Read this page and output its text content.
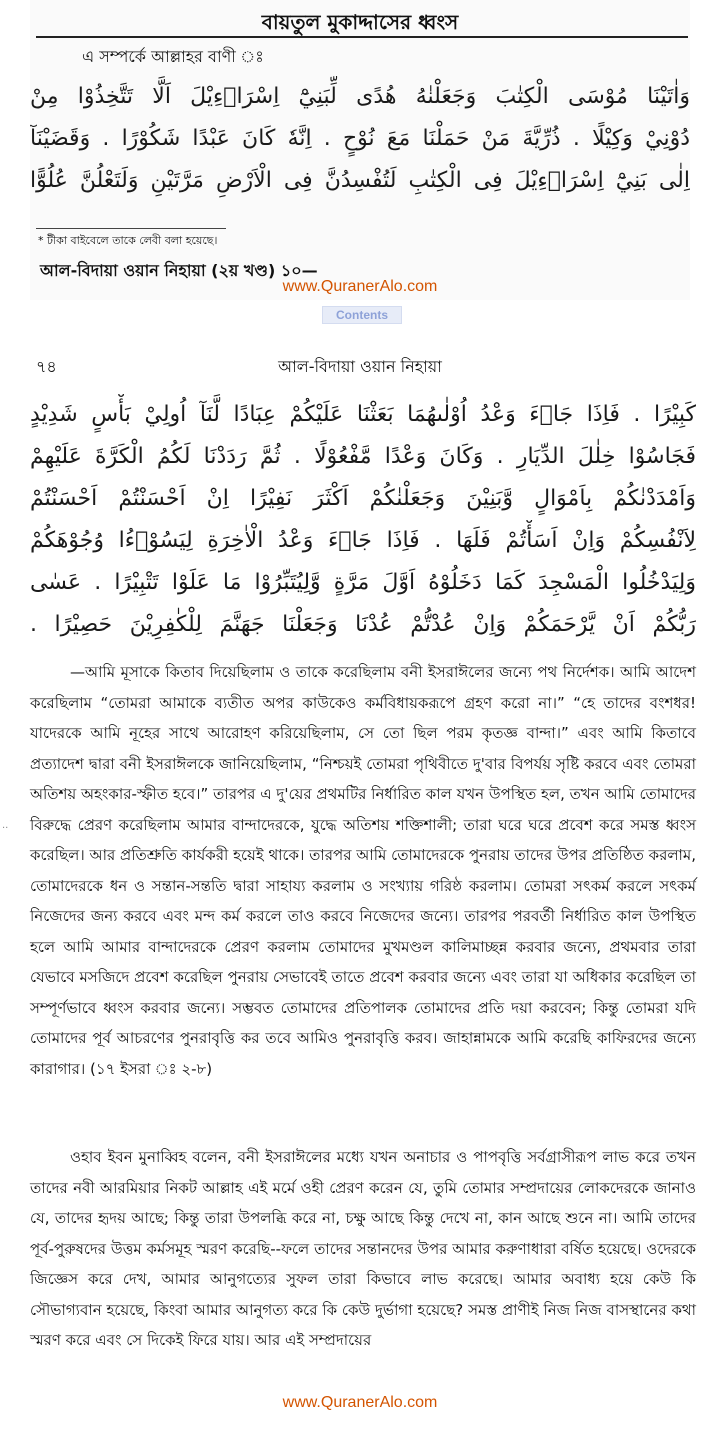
বায়তুল মুকাদ্দাসের ধ্বংস
এ সম্পর্কে আল্লাহর বাণী ঃ
وَاٰتَيْنَا مُوْسَى الْكِتٰبَ وَجَعَلْنٰهُ هُدًى لِّبَنِيْٓ اِسْرَاۤءِيْلَ اَلَّا تَتَّخِذُوْا مِنْ
دُوْنِيْ وَكِيْلًا . ذُرِّيَّةَ مَنْ حَمَلْنَا مَعَ نُوْحٍ . اِنَّهٗ كَانَ عَبْدًا شَكُوْرًا . وَقَضَيْنَآ
اِلٰى بَنِيْٓ اِسْرَاۤءِيْلَ فِى الْكِتٰبِ لَتُفْسِدُنَّ فِى الْاَرْضِ مَرَّتَيْنِ وَلَتَعْلُنَّ عُلُوًّا
* টীকা বাইবেলে তাকে লেবী বলা হয়েছে।
আল-বিদায়া ওয়ান নিহায়া (২য় খণ্ড) ১০—
www.QuranerAlo.com
Contents
৭৪	আল-বিদায়া ওয়ান নিহায়া
كَبِيْرًا . فَاِذَا جَاۤءَ وَعْدُ اُوْلٰىهُمَا بَعَثْنَا عَلَيْكُمْ عِبَادًا لَّنَآ اُولِيْ بَأْسٍ شَدِيْدٍ
فَجَاسُوْا خِلٰلَ الدِّيَارِ . وَكَانَ وَعْدًا مَّفْعُوْلًا . ثُمَّ رَدَدْنَا لَكُمُ الْكَرَّةَ عَلَيْهِمْ
وَاَمْدَدْنٰكُمْ بِاَمْوَالٍ وَّبَنِيْنَ وَجَعَلْنٰكُمْ اَكْثَرَ نَفِيْرًا اِنْ اَحْسَنْتُمْ اَحْسَنْتُمْ
لِاَنْفُسِكُمْ وَاِنْ اَسَأْتُمْ فَلَهَا . فَاِذَا جَاۤءَ وَعْدُ الْاٰخِرَةِ لِيَسُوْۤءُا وُجُوْهَكُمْ
وَلِيَدْخُلُوا الْمَسْجِدَ كَمَا دَخَلُوْهُ اَوَّلَ مَرَّةٍ وَّلِيُتَبِّرُوْا مَا عَلَوْا تَتْبِيْرًا . عَسٰى
رَبُّكُمْ اَنْ يَّرْحَمَكُمْ وَاِنْ عُدْتُّمْ عُدْنَا وَجَعَلْنَا جَهَنَّمَ لِلْكٰفِرِيْنَ حَصِيْرًا .
..
—আমি মূসাকে কিতাব দিয়েছিলাম ও তাকে করেছিলাম বনী ইসরাঈলের জন্যে পথ নির্দেশক। আমি আদেশ করেছিলাম “তোমরা আমাকে ব্যতীত অপর কাউকেও কর্মবিধায়করূপে গ্রহণ করো না।” “হে তাদের বংশধর! যাদেরকে আমি নূহের সাথে আরোহণ করিয়েছিলাম, সে তো ছিল পরম কৃতজ্ঞ বান্দা।” এবং আমি কিতাবে প্রত্যাদেশ দ্বারা বনী ইসরাঈলকে জানিয়েছিলাম, “নিশ্চয়ই তোমরা পৃথিবীতে দু'বার বিপর্যয় সৃষ্টি করবে এবং তোমরা অতিশয় অহংকার-স্ফীত হবে।” তারপর এ দু'য়ের প্রথমটির নির্ধারিত কাল যখন উপস্থিত হল, তখন আমি তোমাদের বিরুদ্ধে প্রেরণ করেছিলাম আমার বান্দাদেরকে, যুদ্ধে অতিশয় শক্তিশালী; তারা ঘরে ঘরে প্রবেশ করে সমস্ত ধ্বংস করেছিল। আর প্রতিশ্রুতি কার্যকরী হয়েই থাকে। তারপর আমি তোমাদেরকে পুনরায় তাদের উপর প্রতিষ্ঠিত করলাম, তোমাদেরকে ধন ও সন্তান-সন্ততি দ্বারা সাহায্য করলাম ও সংখ্যায় গরিষ্ঠ করলাম। তোমরা সৎকর্ম করলে সৎকর্ম নিজেদের জন্য করবে এবং মন্দ কর্ম করলে তাও করবে নিজেদের জন্যে। তারপর পরবর্তী নির্ধারিত কাল উপস্থিত হলে আমি আমার বান্দাদেরকে প্রেরণ করলাম তোমাদের মুখমণ্ডল কালিমাচ্ছন্ন করবার জন্যে, প্রথমবার তারা যেভাবে মসজিদে প্রবেশ করেছিল পুনরায় সেভাবেই তাতে প্রবেশ করবার জন্যে এবং তারা যা অধিকার করেছিল তা সম্পূর্ণভাবে ধ্বংস করবার জন্যে। সম্ভবত তোমাদের প্রতিপালক তোমাদের প্রতি দয়া করবেন; কিন্তু তোমরা যদি তোমাদের পূর্ব আচরণের পুনরাবৃত্তি কর তবে আমিও পুনরাবৃত্তি করব। জাহান্নামকে আমি করেছি কাফিরদের জন্যে কারাগার। (১৭ ইসরা ঃ ২-৮)
ওহাব ইবন মুনাব্বিহ বলেন, বনী ইসরাঈলের মধ্যে যখন অনাচার ও পাপবৃত্তি সর্বগ্রাসীরূপ লাভ করে তখন তাদের নবী আরমিয়ার নিকট আল্লাহ এই মর্মে ওহী প্রেরণ করেন যে, তুমি তোমার সম্প্রদায়ের লোকদেরকে জানাও যে, তাদের হৃদয় আছে; কিন্তু তারা উপলব্ধি করে না, চক্ষু আছে কিন্তু দেখে না, কান আছে শুনে না। আমি তাদের পূর্ব-পুরুষদের উত্তম কর্মসমূহ স্মরণ করেছি--ফলে তাদের সন্তানদের উপর আমার করুণাধারা বর্ষিত হয়েছে। ওদেরকে জিজ্ঞেস করে দেখ, আমার আনুগত্যের সুফল তারা কিভাবে লাভ করেছে। আমার অবাধ্য হয়ে কেউ কি সৌভাগ্যবান হয়েছে, কিংবা আমার আনুগত্য করে কি কেউ দুর্ভাগা হয়েছে? সমস্ত প্রাণীই নিজ নিজ বাসস্থানের কথা স্মরণ করে এবং সে দিকেই ফিরে যায়। আর এই সম্প্রদায়ের
www.QuranerAlo.com
